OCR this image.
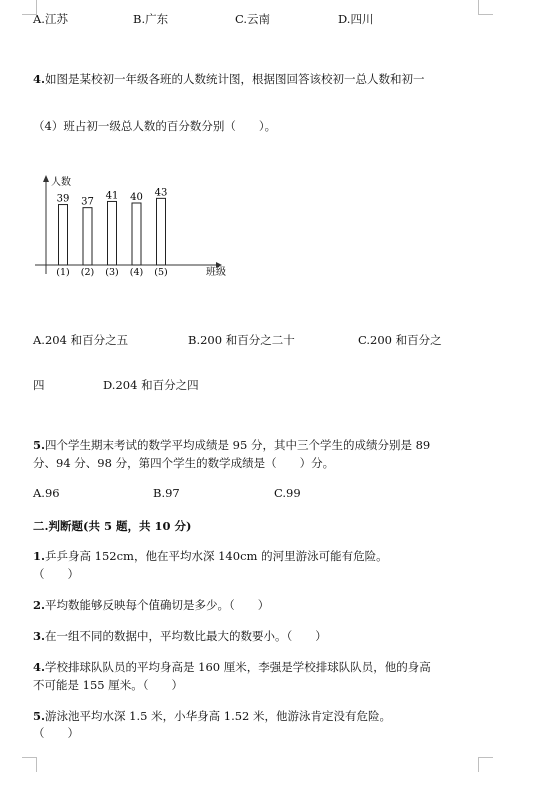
A.江苏	B.广东	C.云南	D.四川
4.如图是某校初一年级各班的人数统计图，根据图回答该校初一总人数和初一
（4）班占初一级总人数的百分数分别（　　）。
人数
班级
39
(1)
37
(2)
41
(3)
40
(4)
43
(5)
A.204 和百分之五	B.200 和百分之二十	C.200 和百分之
四	D.204 和百分之四
5.四个学生期末考试的数学平均成绩是 95 分，其中三个学生的成绩分别是 89
分、94 分、98 分，第四个学生的数学成绩是（　　）分。
A.96	B.97	C.99
二.判断题(共 5 题，共 10 分)
1.乒乒身高 152cm，他在平均水深 140cm 的河里游泳可能有危险。
（　　）
2.平均数能够反映每个值确切是多少。（　　）
3.在一组不同的数据中，平均数比最大的数要小。（　　）
4.学校排球队队员的平均身高是 160 厘米，李强是学校排球队队员，他的身高
不可能是 155 厘米。（　　）
5.游泳池平均水深 1.5 米，小华身高 1.52 米，他游泳肯定没有危险。
（　　）
